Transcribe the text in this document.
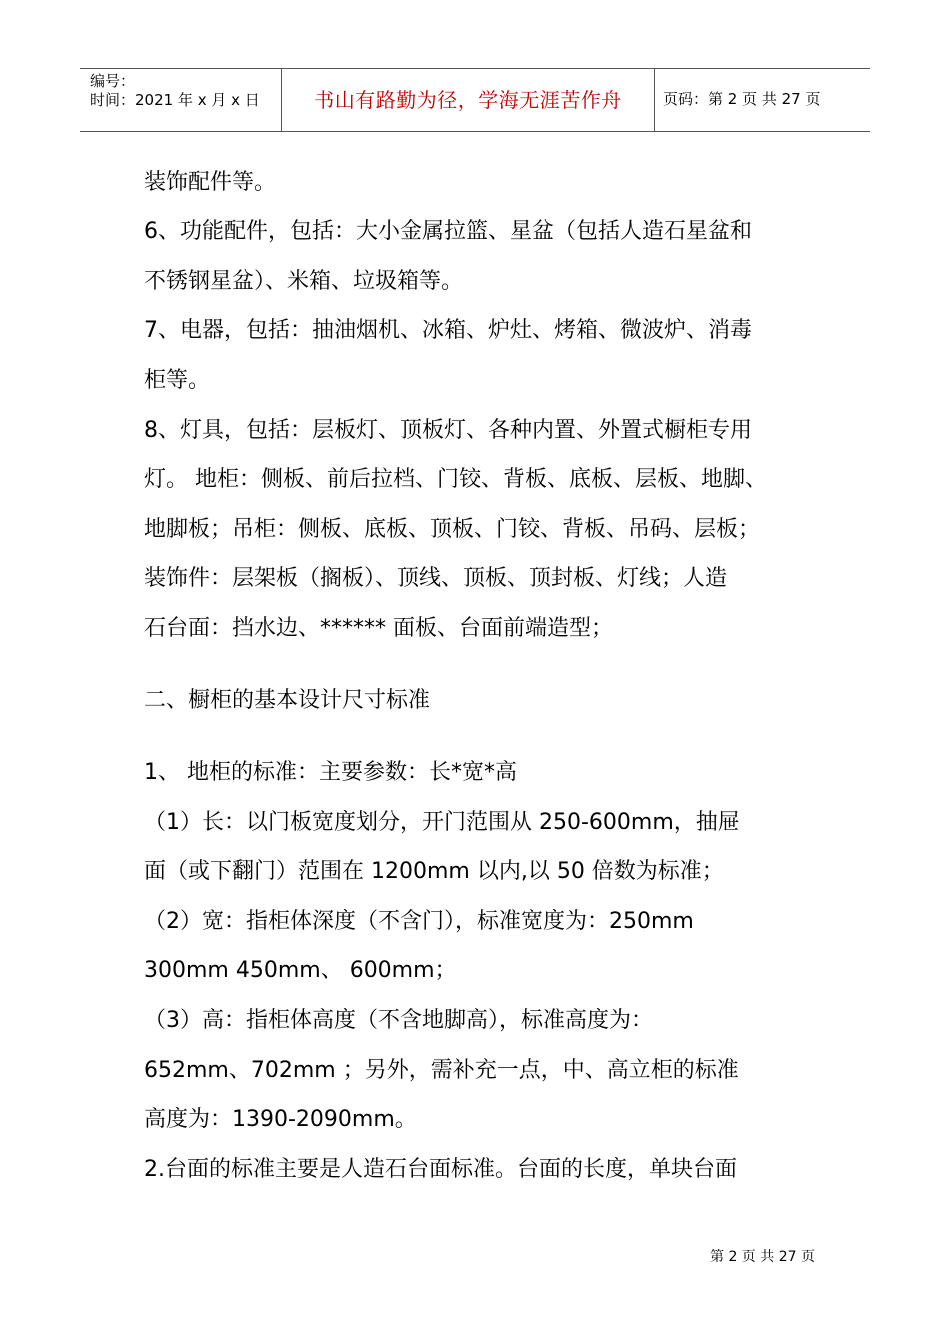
编号：
时间：2021 年 x 月 x 日	书山有路勤为径，学海无涯苦作舟	页码：第 2 页 共 27 页
装饰配件等。
6、功能配件，包括：大小金属拉篮、星盆（包括人造石星盆和
不锈钢星盆）、米箱、垃圾箱等。
7、电器，包括：抽油烟机、冰箱、炉灶、烤箱、微波炉、消毒
柜等。
8、灯具，包括：层板灯、顶板灯、各种内置、外置式橱柜专用
灯。 地柜：侧板、前后拉档、门铰、背板、底板、层板、地脚、
地脚板；吊柜：侧板、底板、顶板、门铰、背板、吊码、层板；
装饰件：层架板（搁板）、顶线、顶板、顶封板、灯线；人造
石台面：挡水边、****** 面板、台面前端造型；
二、橱柜的基本设计尺寸标准
1、 地柜的标准：主要参数：长*宽*高
（1）长：以门板宽度划分，开门范围从 250-600mm，抽屉
面（或下翻门）范围在 1200mm 以内,以 50 倍数为标准；
（2）宽：指柜体深度（不含门），标准宽度为：250mm
300mm 450mm、 600mm；
（3）高：指柜体高度（不含地脚高），标准高度为：
652mm、702mm ；另外，需补充一点，中、高立柜的标准
高度为：1390-2090mm。
2.台面的标准主要是人造石台面标准。台面的长度，单块台面
第 2 页 共 27 页
